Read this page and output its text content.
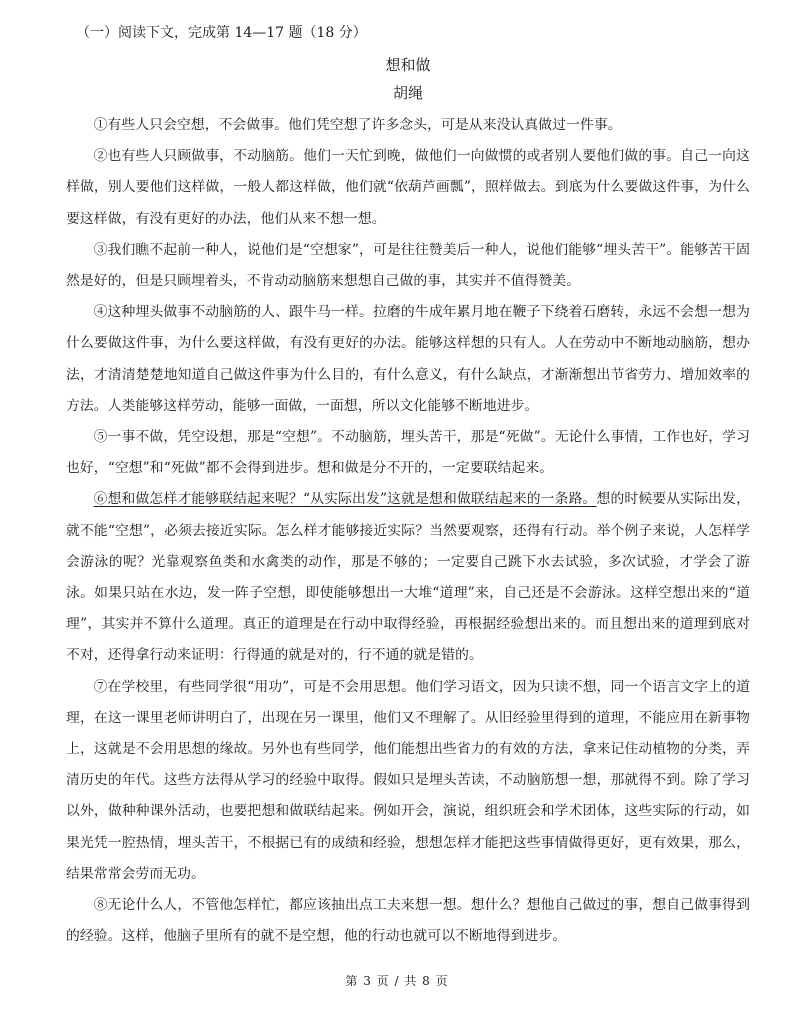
（一）阅读下文，完成第 14—17 题（18 分）
想和做
胡绳

①有些人只会空想，不会做事。他们凭空想了许多念头，可是从来没认真做过一件事。

②也有些人只顾做事，不动脑筋。他们一天忙到晚，做他们一向做惯的或者别人要他们做的事。自己一向这样做，别人要他们这样做，一般人都这样做，他们就“依葫芦画瓢”，照样做去。到底为什么要做这件事，为什么要这样做，有没有更好的办法，他们从来不想一想。

③我们瞧不起前一种人，说他们是“空想家”，可是往往赞美后一种人，说他们能够“埋头苦干”。能够苦干固然是好的，但是只顾埋着头，不肯动动脑筋来想想自己做的事，其实并不值得赞美。

④这种埋头做事不动脑筋的人、跟牛马一样。拉磨的牛成年累月地在鞭子下绕着石磨转，永远不会想一想为什么要做这件事，为什么要这样做，有没有更好的办法。能够这样想的只有人。人在劳动中不断地动脑筋，想办法，才清清楚楚地知道自己做这件事为什么目的，有什么意义，有什么缺点，才渐渐想出节省劳力、增加效率的方法。人类能够这样劳动，能够一面做，一面想，所以文化能够不断地进步。

⑤一事不做，凭空设想，那是“空想”。不动脑筋，埋头苦干，那是“死做”。无论什么事情，工作也好，学习也好，“空想”和“死做”都不会得到进步。想和做是分不开的，一定要联结起来。

⑥想和做怎样才能够联结起来呢？“从实际出发”这就是想和做联结起来的一条路。想的时候要从实际出发，就不能“空想”，必须去接近实际。怎么样才能够接近实际？当然要观察，还得有行动。举个例子来说，人怎样学会游泳的呢？光靠观察鱼类和水禽类的动作，那是不够的；一定要自己跳下水去试验，多次试验，才学会了游泳。如果只站在水边，发一阵子空想，即使能够想出一大堆“道理”来，自己还是不会游泳。这样空想出来的“道理”，其实并不算什么道理。真正的道理是在行动中取得经验，再根据经验想出来的。而且想出来的道理到底对不对，还得拿行动来证明：行得通的就是对的，行不通的就是错的。

⑦在学校里，有些同学很“用功”，可是不会用思想。他们学习语文，因为只读不想，同一个语言文字上的道理，在这一课里老师讲明白了，出现在另一课里，他们又不理解了。从旧经验里得到的道理，不能应用在新事物上，这就是不会用思想的缘故。另外也有些同学，他们能想出些省力的有效的方法，拿来记住动植物的分类，弄清历史的年代。这些方法得从学习的经验中取得。假如只是埋头苦读，不动脑筋想一想，那就得不到。除了学习以外，做种种课外活动，也要把想和做联结起来。例如开会，演说，组织班会和学术团体，这些实际的行动，如果光凭一腔热情，埋头苦干，不根据已有的成绩和经验，想想怎样才能把这些事情做得更好，更有效果，那么，结果常常会劳而无功。

⑧无论什么人，不管他怎样忙，都应该抽出点工夫来想一想。想什么？想他自己做过的事，想自己做事得到的经验。这样，他脑子里所有的就不是空想，他的行动也就可以不断地得到进步。

第 3 页 / 共 8 页
